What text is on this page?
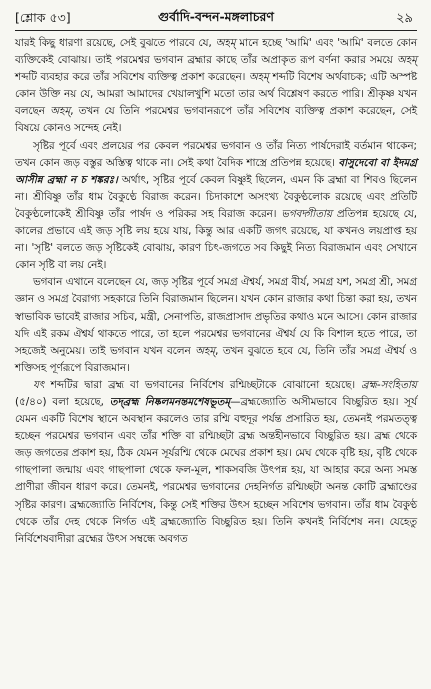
[শ্লোক ৫৩]	গুর্বাদি-বন্দন-মঙ্গলাচরণ	২৯

যারই কিছু ধারণা রয়েছে, সেই বুঝতে পারবে যে, অহম্ মানে হচ্ছে 'আমি' এবং 'আমি' বলতে কোন ব্যক্তিকেই বোঝায়। তাই পরমেশ্বর ভগবান ব্রহ্মার কাছে তাঁর অপ্রাকৃত রূপ বর্ণনা করার সময়ে অহম্ শব্দটি ব্যবহার করে তাঁর সবিশেষ ব্যক্তিত্ব প্রকাশ করেছেন। অহম্ শব্দটি বিশেষ অর্থবাচক; এটি অস্পষ্ট কোন উক্তি নয় যে, আমরা আমাদের খেয়ালখুশি মতো তার অর্থ বিশ্লেষণ করতে পারি। শ্রীকৃষ্ণ যখন বলছেন অহম্, তখন যে তিনি পরমেশ্বর ভগবানরূপে তাঁর সবিশেষ ব্যক্তিত্ব প্রকাশ করেছেন, সেই বিষয়ে কোনও সন্দেহ নেই।

সৃষ্টির পূর্বে এবং প্রলয়ের পর কেবল পরমেশ্বর ভগবান ও তাঁর নিত্য পার্ষদেরাই বর্তমান থাকেন; তখন কোন জড় বস্তুর অস্তিত্ব থাকে না। সেই কথা বৈদিক শাস্ত্রে প্রতিপন্ন হয়েছে। বাসুদেবো বা ইদমগ্র আসীন্ন ব্রহ্মা ন চ শঙ্করঃ। অর্থাৎ, সৃষ্টির পূর্বে কেবল বিষ্ণুই ছিলেন, এমন কি ব্রহ্মা বা শিবও ছিলেন না। শ্রীবিষ্ণু তাঁর ধাম বৈকুণ্ঠে বিরাজ করেন। চিদাকাশে অসংখ্য বৈকুণ্ঠলোক রয়েছে এবং প্রতিটি বৈকুণ্ঠলোকেই শ্রীবিষ্ণু তাঁর পার্ষদ ও পরিকর সহ বিরাজ করেন। ভগবদ্গীতায় প্রতিপন্ন হয়েছে যে, কালের প্রভাবে এই জড় সৃষ্টি লয় হয়ে যায়, কিন্তু আর একটি জগৎ রয়েছে, যা কখনও লয়প্রাপ্ত হয় না। 'সৃষ্টি' বলতে জড় সৃষ্টিকেই বোঝায়, কারণ চিৎ-জগতে সব কিছুই নিত্য বিরাজমান এবং সেখানে কোন সৃষ্টি বা লয় নেই।

ভগবান এখানে বলেছেন যে, জড় সৃষ্টির পূর্বে সমগ্র ঐশ্বর্য, সমগ্র বীর্য, সমগ্র যশ, সমগ্র শ্রী, সমগ্র জ্ঞান ও সমগ্র বৈরাগ্য সহকারে তিনি বিরাজমান ছিলেন। যখন কোন রাজার কথা চিন্তা করা হয়, তখন স্বাভাবিক ভাবেই রাজার সচিব, মন্ত্রী, সেনাপতি, রাজপ্রাসাদ প্রভৃতির কথাও মনে আসে। কোন রাজার যদি এই রকম ঐশ্বর্য থাকতে পারে, তা হলে পরমেশ্বর ভগবানের ঐশ্বর্য যে কি বিশাল হতে পারে, তা সহজেই অনুমেয়। তাই ভগবান যখন বলেন অহম্, তখন বুঝতে হবে যে, তিনি তাঁর সমগ্র ঐশ্বর্য ও শক্তিসহ পূর্ণরূপে বিরাজমান।

যৎ শব্দটির দ্বারা ব্রহ্ম বা ভগবানের নির্বিশেষ রশ্মিচ্ছটাকে বোঝানো হয়েছে। ব্রহ্ম-সংহিতায় (৫/৪০) বলা হয়েছে, তদ্‌ব্রহ্ম নিষ্কলমনন্তমশেষভূতম্—ব্রহ্মজ্যোতি অসীমভাবে বিচ্ছুরিত হয়। সূর্য যেমন একটি বিশেষ স্থানে অবস্থান করলেও তার রশ্মি বহুদূর পর্যন্ত প্রসারিত হয়, তেমনই পরমতত্ত্ব হচ্ছেন পরমেশ্বর ভগবান এবং তাঁর শক্তি বা রশ্মিচ্ছটা ব্রহ্ম অন্তহীনভাবে বিচ্ছুরিত হয়। ব্রহ্ম থেকে জড় জগতের প্রকাশ হয়, ঠিক যেমন সূর্যরশ্মি থেকে মেঘের প্রকাশ হয়। মেঘ থেকে বৃষ্টি হয়, বৃষ্টি থেকে গাছপালা জন্মায় এবং গাছপালা থেকে ফল-মূল, শাকসবজি উৎপন্ন হয়, যা আহার করে অন্য সমস্ত প্রাণীরা জীবন ধারণ করে। তেমনই, পরমেশ্বর ভগবানের দেহনির্গত রশ্মিচ্ছটা অনন্ত কোটি ব্রহ্মাণ্ডের সৃষ্টির কারণ। ব্রহ্মজ্যোতি নির্বিশেষ, কিন্তু সেই শক্তির উৎস হচ্ছেন সবিশেষ ভগবান। তাঁর ধাম বৈকুণ্ঠ থেকে তাঁর দেহ থেকে নির্গত এই ব্রহ্মজ্যোতি বিচ্ছুরিত হয়। তিনি কখনই নির্বিশেষ নন। যেহেতু নির্বিশেষবাদীরা ব্রহ্মের উৎস সম্বন্ধে অবগত
